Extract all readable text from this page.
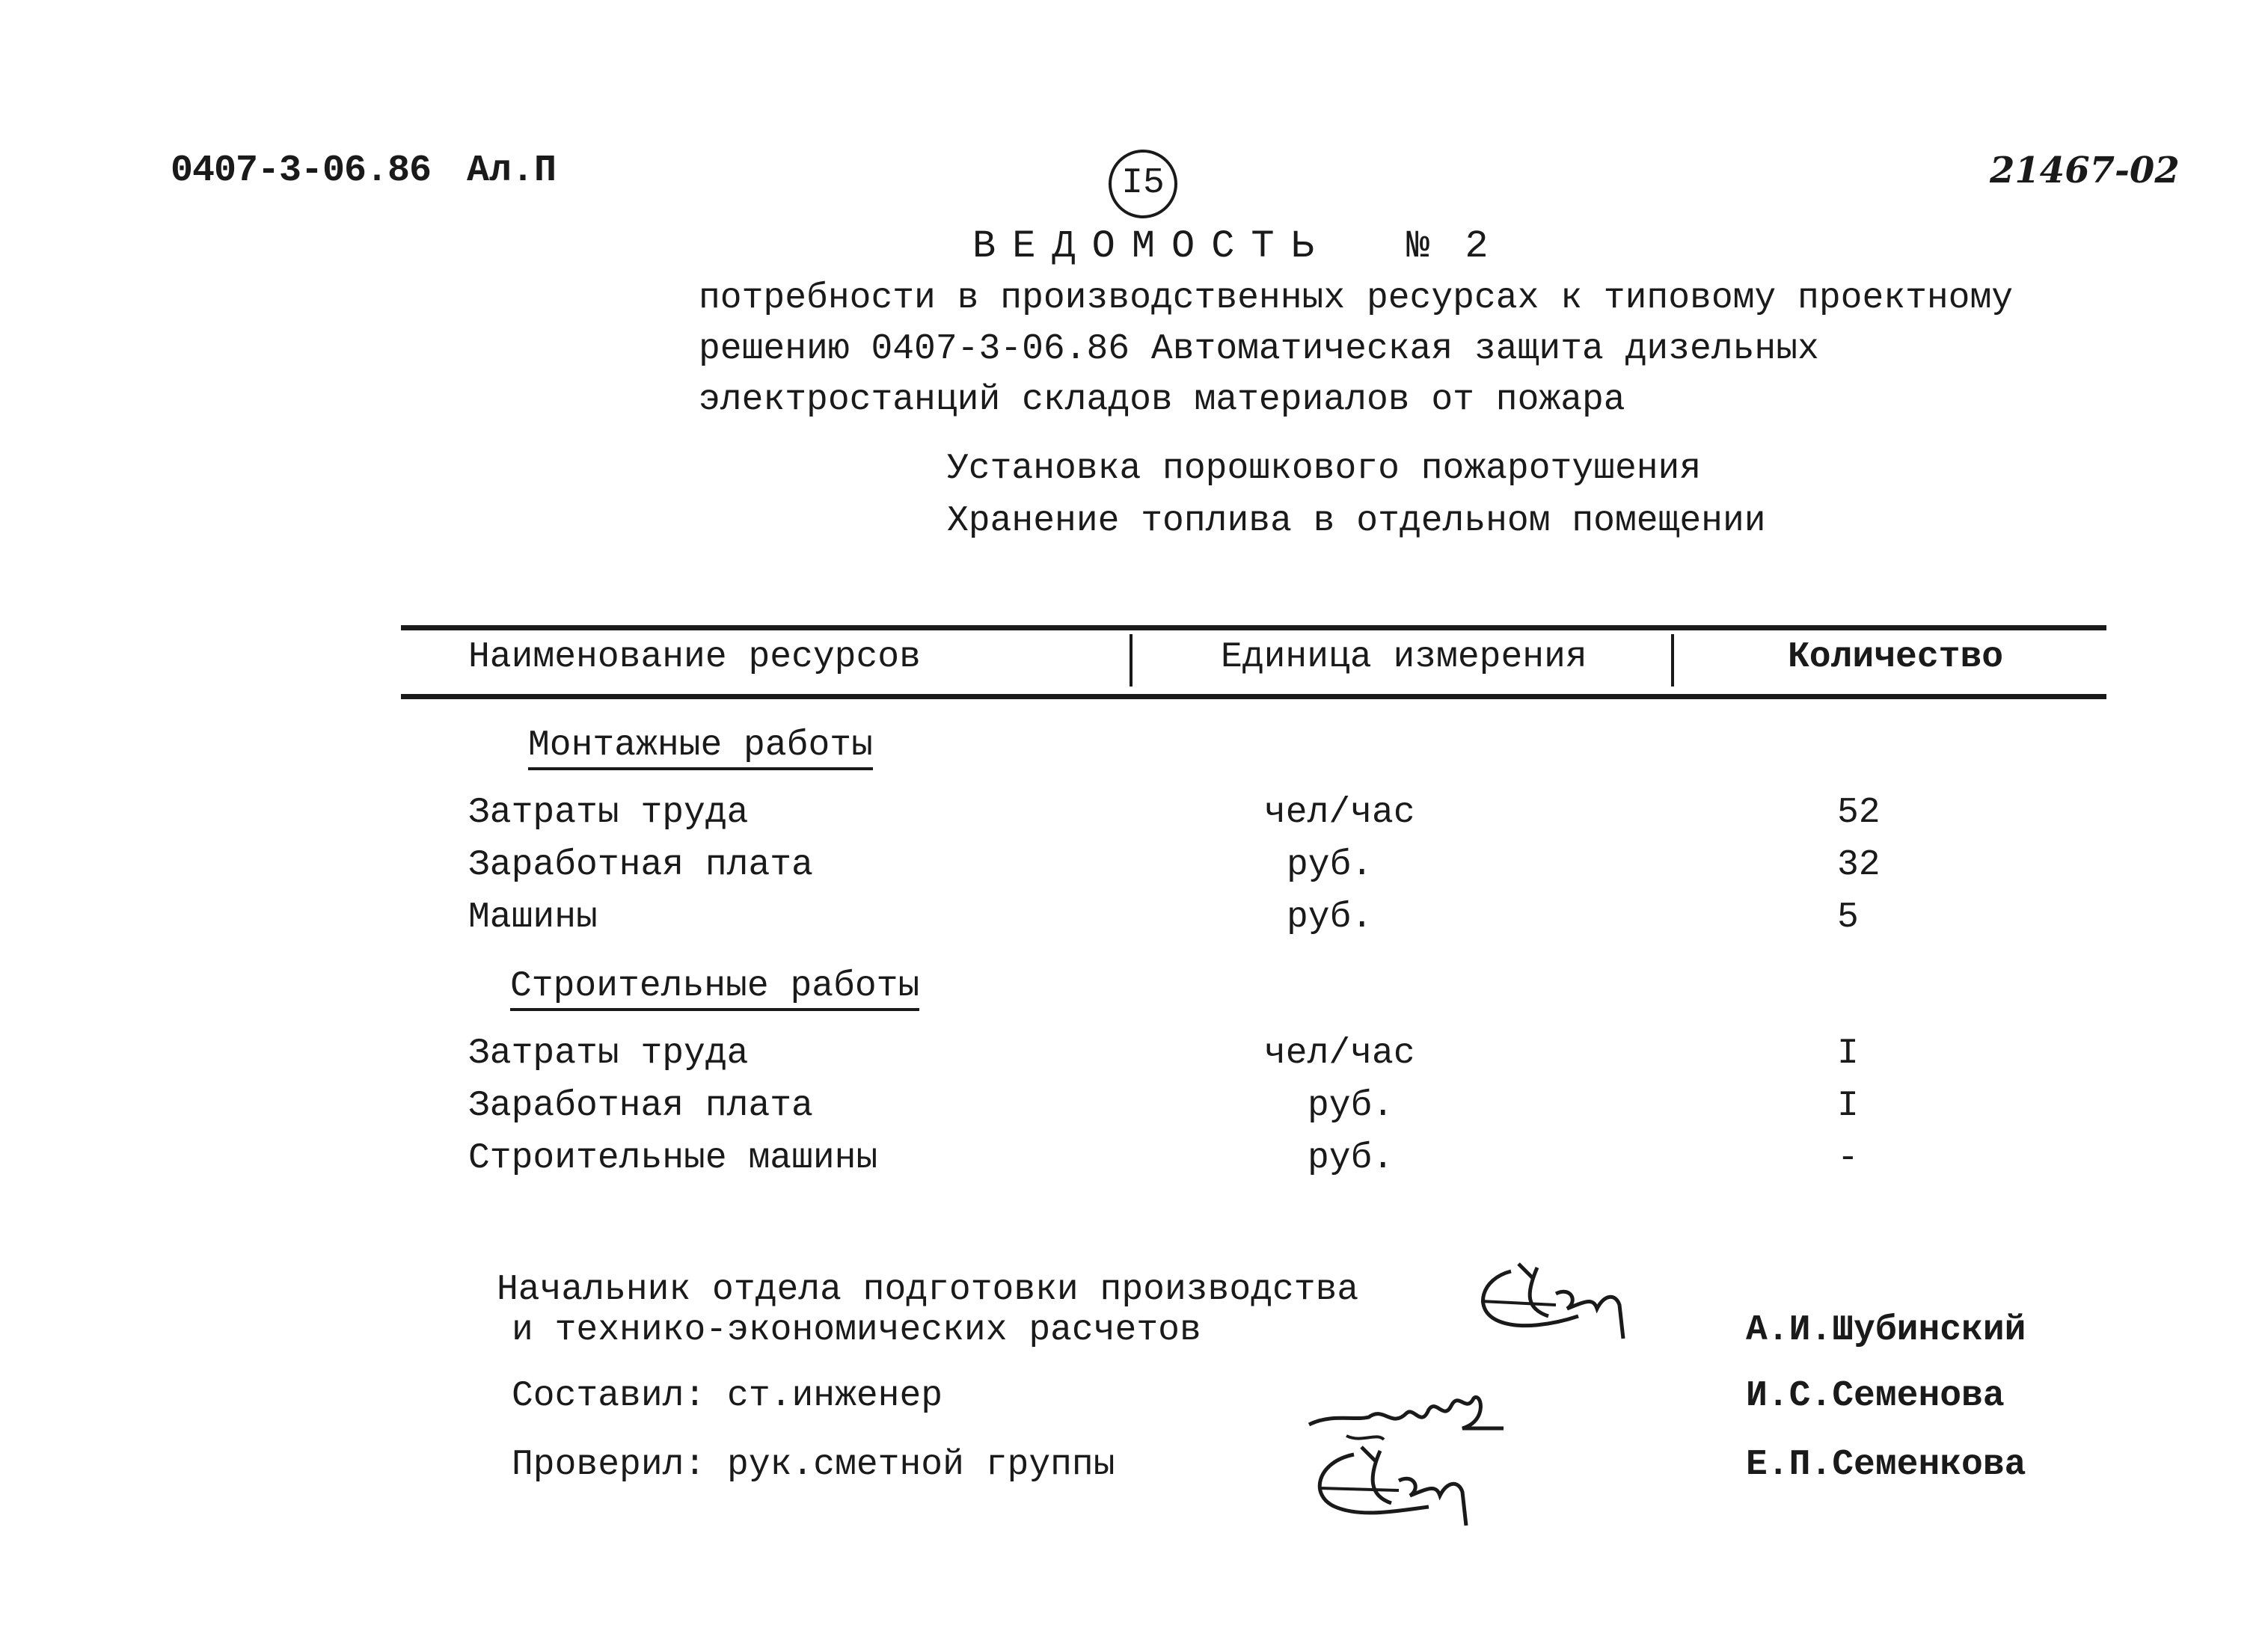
0407-3-06.86 Ал.П	I5	21467-02
ВЕДОМОСТЬ № 2
потребности в производственных ресурсах к типовому проектному
решению 0407-3-06.86 Автоматическая защита дизельных
электростанций складов материалов от пожара
Установка порошкового пожаротушения
Хранение топлива в отдельном помещении
Наименование ресурсов	Единица измерения	Количество
Монтажные работы
Затраты труда	чел/час	52
Заработная плата	руб.	32
Машины	руб.	5
Строительные работы
Затраты труда	чел/час	I
Заработная плата	руб.	I
Строительные машины	руб.	-
Начальник отдела подготовки производства
и технико-экономических расчетов	А.И.Шубинский
Составил: ст.инженер	И.С.Семенова
Проверил: рук.сметной группы	Е.П.Семенкова
